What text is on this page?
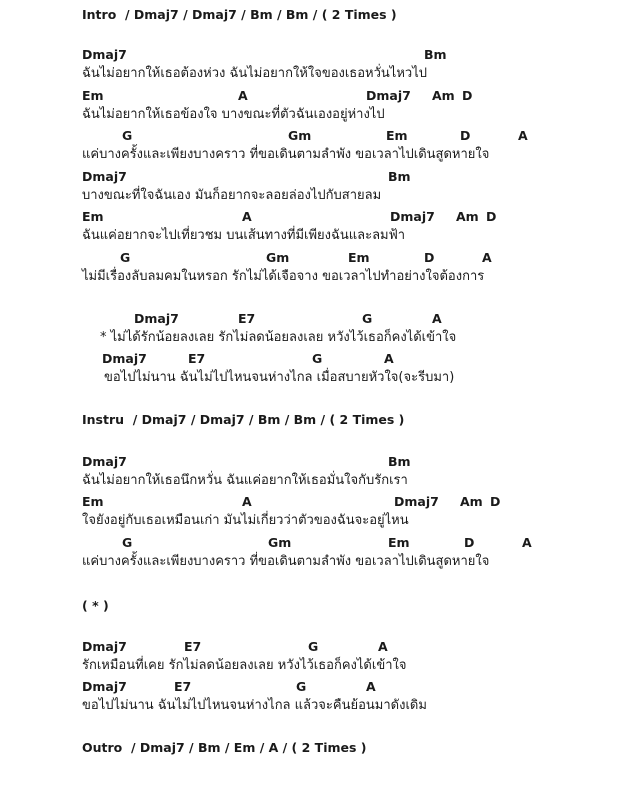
Intro  / Dmaj7 / Dmaj7 / Bm / Bm / ( 2 Times )

Dmaj7

	Bm

ฉันไม่อยากให้เธอต้องห่วง ฉันไม่อยากให้ใจของเธอหวั่นไหวไป

Em

	A

	Dmaj7

Am

D

ฉันไม่อยากให้เธอข้องใจ บางขณะที่ตัวฉันเองอยู่ห่างไป

G

	Gm

	Em

	D

	A

แค่บางครั้งและเพียงบางคราว ที่ขอเดินตามลำพัง ขอเวลาไปเดินสูดหายใจ

Dmaj7

	Bm

บางขณะที่ใจฉันเอง มันก็อยากจะลอยล่องไปกับสายลม

Em

	A

	Dmaj7

Am

D

ฉันแค่อยากจะไปเที่ยวชม บนเส้นทางที่มีเพียงฉันและลมฟ้า

G

	Gm

	Em

	D

	A

ไม่มีเรื่องลับลมคมในหรอก รักไม่ได้เจือจาง ขอเวลาไปทำอย่างใจต้องการ

Dmaj7

	E7

	G

	A

* ไม่ได้รักน้อยลงเลย รักไม่ลดน้อยลงเลย หวังไว้เธอก็คงได้เข้าใจ

Dmaj7

	E7

	G

	A

ขอไปไม่นาน ฉันไม่ไปไหนจนห่างไกล เมื่อสบายหัวใจ(จะรีบมา)

Instru  / Dmaj7 / Dmaj7 / Bm / Bm / ( 2 Times )

Dmaj7

	Bm

ฉันไม่อยากให้เธอนึกหวั่น ฉันแค่อยากให้เธอมั่นใจกับรักเรา

Em

	A

	Dmaj7

Am

D

ใจยังอยู่กับเธอเหมือนเก่า มันไม่เกี่ยวว่าตัวของฉันจะอยู่ไหน

G

	Gm

	Em

	D

	A

แค่บางครั้งและเพียงบางคราว ที่ขอเดินตามลำพัง ขอเวลาไปเดินสูดหายใจ

( * )

Dmaj7

	E7

	G

	A

รักเหมือนที่เคย รักไม่ลดน้อยลงเลย หวังไว้เธอก็คงได้เข้าใจ

Dmaj7

	E7

	G

	A

ขอไปไม่นาน ฉันไม่ไปไหนจนห่างไกล แล้วจะคืนย้อนมาดังเดิม

Outro  / Dmaj7 / Bm / Em / A / ( 2 Times )
